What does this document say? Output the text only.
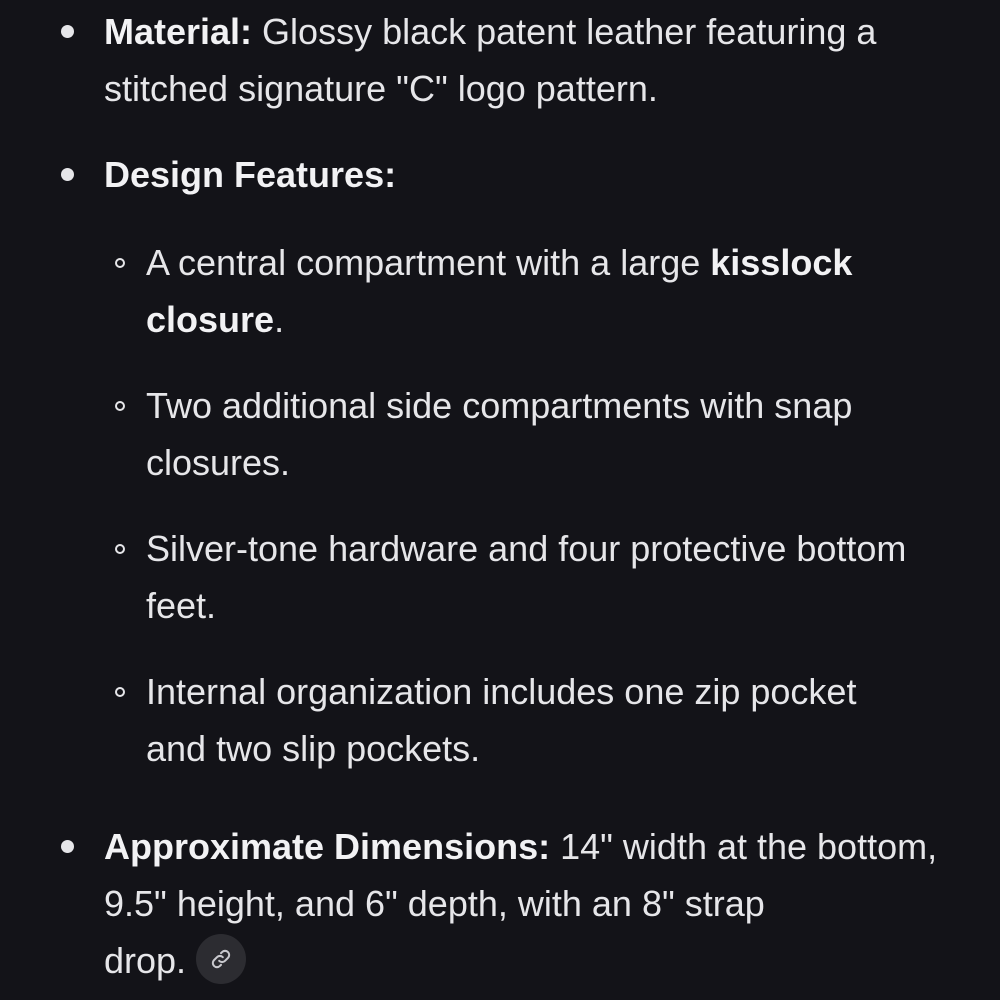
Material: Glossy black patent leather featuring a
stitched signature "C" logo pattern.
Design Features:
A central compartment with a large kisslock
closure.
Two additional side compartments with snap
closures.
Silver-tone hardware and four protective bottom
feet.
Internal organization includes one zip pocket
and two slip pockets.
Approximate Dimensions: 14" width at the bottom,
9.5" height, and 6" depth, with an 8" strap
drop.
